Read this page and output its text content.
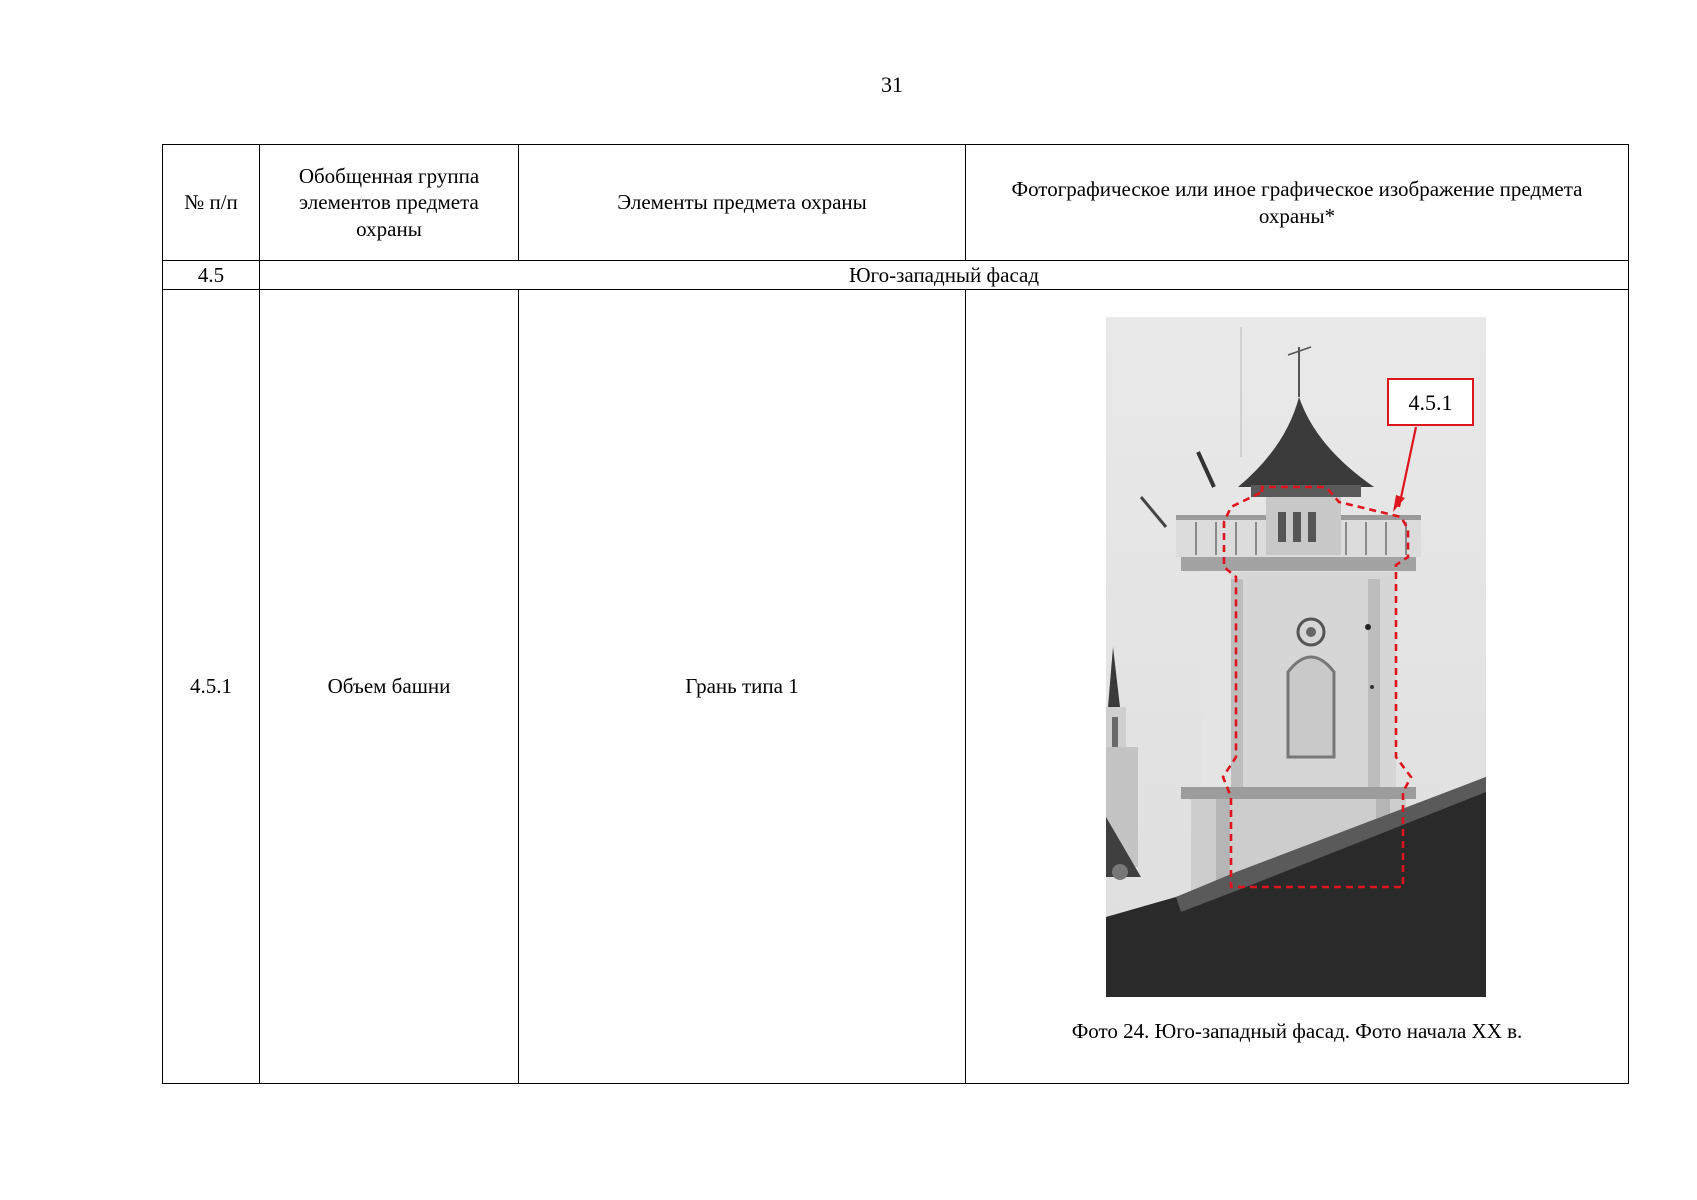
31
№ п/п	Обобщенная группа элементов предмета охраны	Элементы предмета охраны	Фотографическое или иное графическое изображение предмета охраны*
4.5	Юго-западный фасад		
4.5.1	Объем башни	Грань типа 1	4.5.1
Фото 24. Юго-западный фасад. Фото начала XX в.
